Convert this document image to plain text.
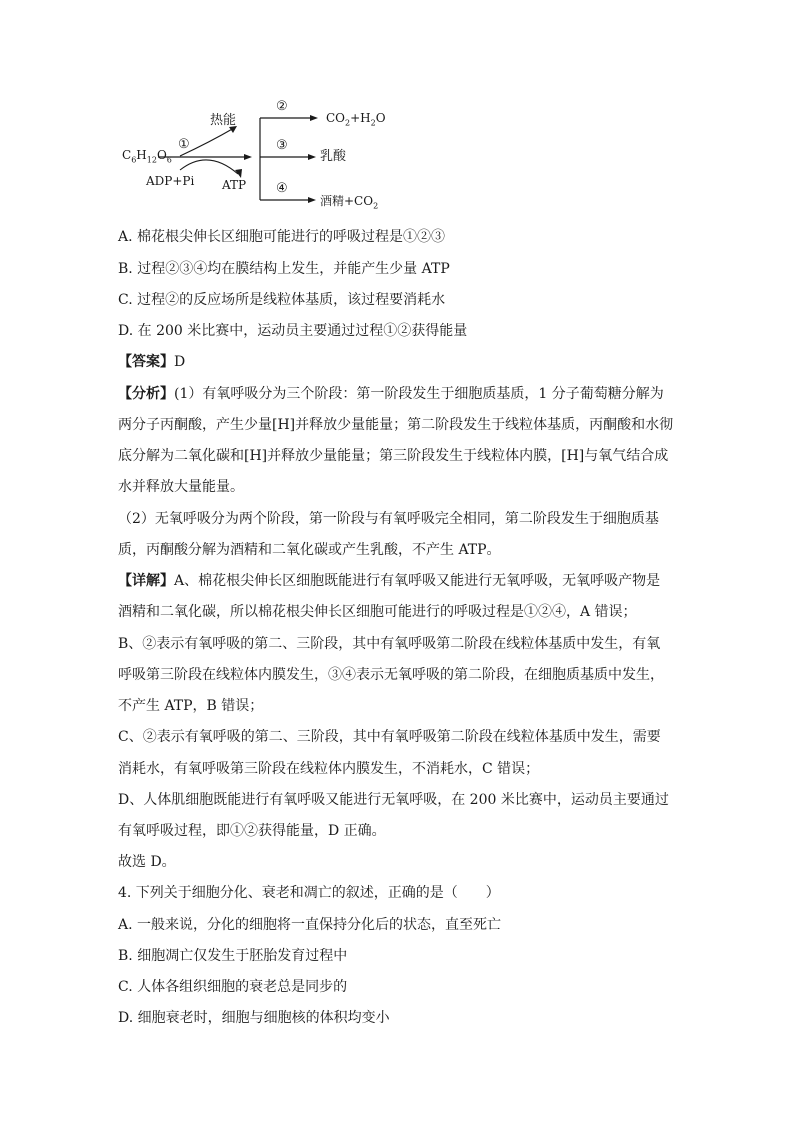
$C_6H_{12}O_6$
①
热能
ADP+Pi ATP
②
$CO_2+H_2O$
③
乳酸
④
酒精$+CO_2$
A. 棉花根尖伸长区细胞可能进行的呼吸过程是①②③
B. 过程②③④均在膜结构上发生，并能产生少量 ATP
C. 过程②的反应场所是线粒体基质，该过程要消耗水
D. 在 200 米比赛中，运动员主要通过过程①②获得能量
【答案】D
【分析】(1）有氧呼吸分为三个阶段：第一阶段发生于细胞质基质，1 分子葡萄糖分解为
两分子丙酮酸，产生少量[H]并释放少量能量；第二阶段发生于线粒体基质，丙酮酸和水彻
底分解为二氧化碳和[H]并释放少量能量；第三阶段发生于线粒体内膜，[H]与氧气结合成
水并释放大量能量。
（2）无氧呼吸分为两个阶段，第一阶段与有氧呼吸完全相同，第二阶段发生于细胞质基
质，丙酮酸分解为酒精和二氧化碳或产生乳酸，不产生 ATP。
【详解】A、棉花根尖伸长区细胞既能进行有氧呼吸又能进行无氧呼吸，无氧呼吸产物是
酒精和二氧化碳，所以棉花根尖伸长区细胞可能进行的呼吸过程是①②④，A 错误；
B、②表示有氧呼吸的第二、三阶段，其中有氧呼吸第二阶段在线粒体基质中发生，有氧
呼吸第三阶段在线粒体内膜发生，③④表示无氧呼吸的第二阶段，在细胞质基质中发生，
不产生 ATP，B 错误；
C、②表示有氧呼吸的第二、三阶段，其中有氧呼吸第二阶段在线粒体基质中发生，需要
消耗水，有氧呼吸第三阶段在线粒体内膜发生，不消耗水，C 错误；
D、人体肌细胞既能进行有氧呼吸又能进行无氧呼吸，在 200 米比赛中，运动员主要通过
有氧呼吸过程，即①②获得能量，D 正确。
故选 D。
4. 下列关于细胞分化、衰老和凋亡的叙述，正确的是（　　）
A. 一般来说，分化的细胞将一直保持分化后的状态，直至死亡
B. 细胞凋亡仅发生于胚胎发育过程中
C. 人体各组织细胞的衰老总是同步的
D. 细胞衰老时，细胞与细胞核的体积均变小
